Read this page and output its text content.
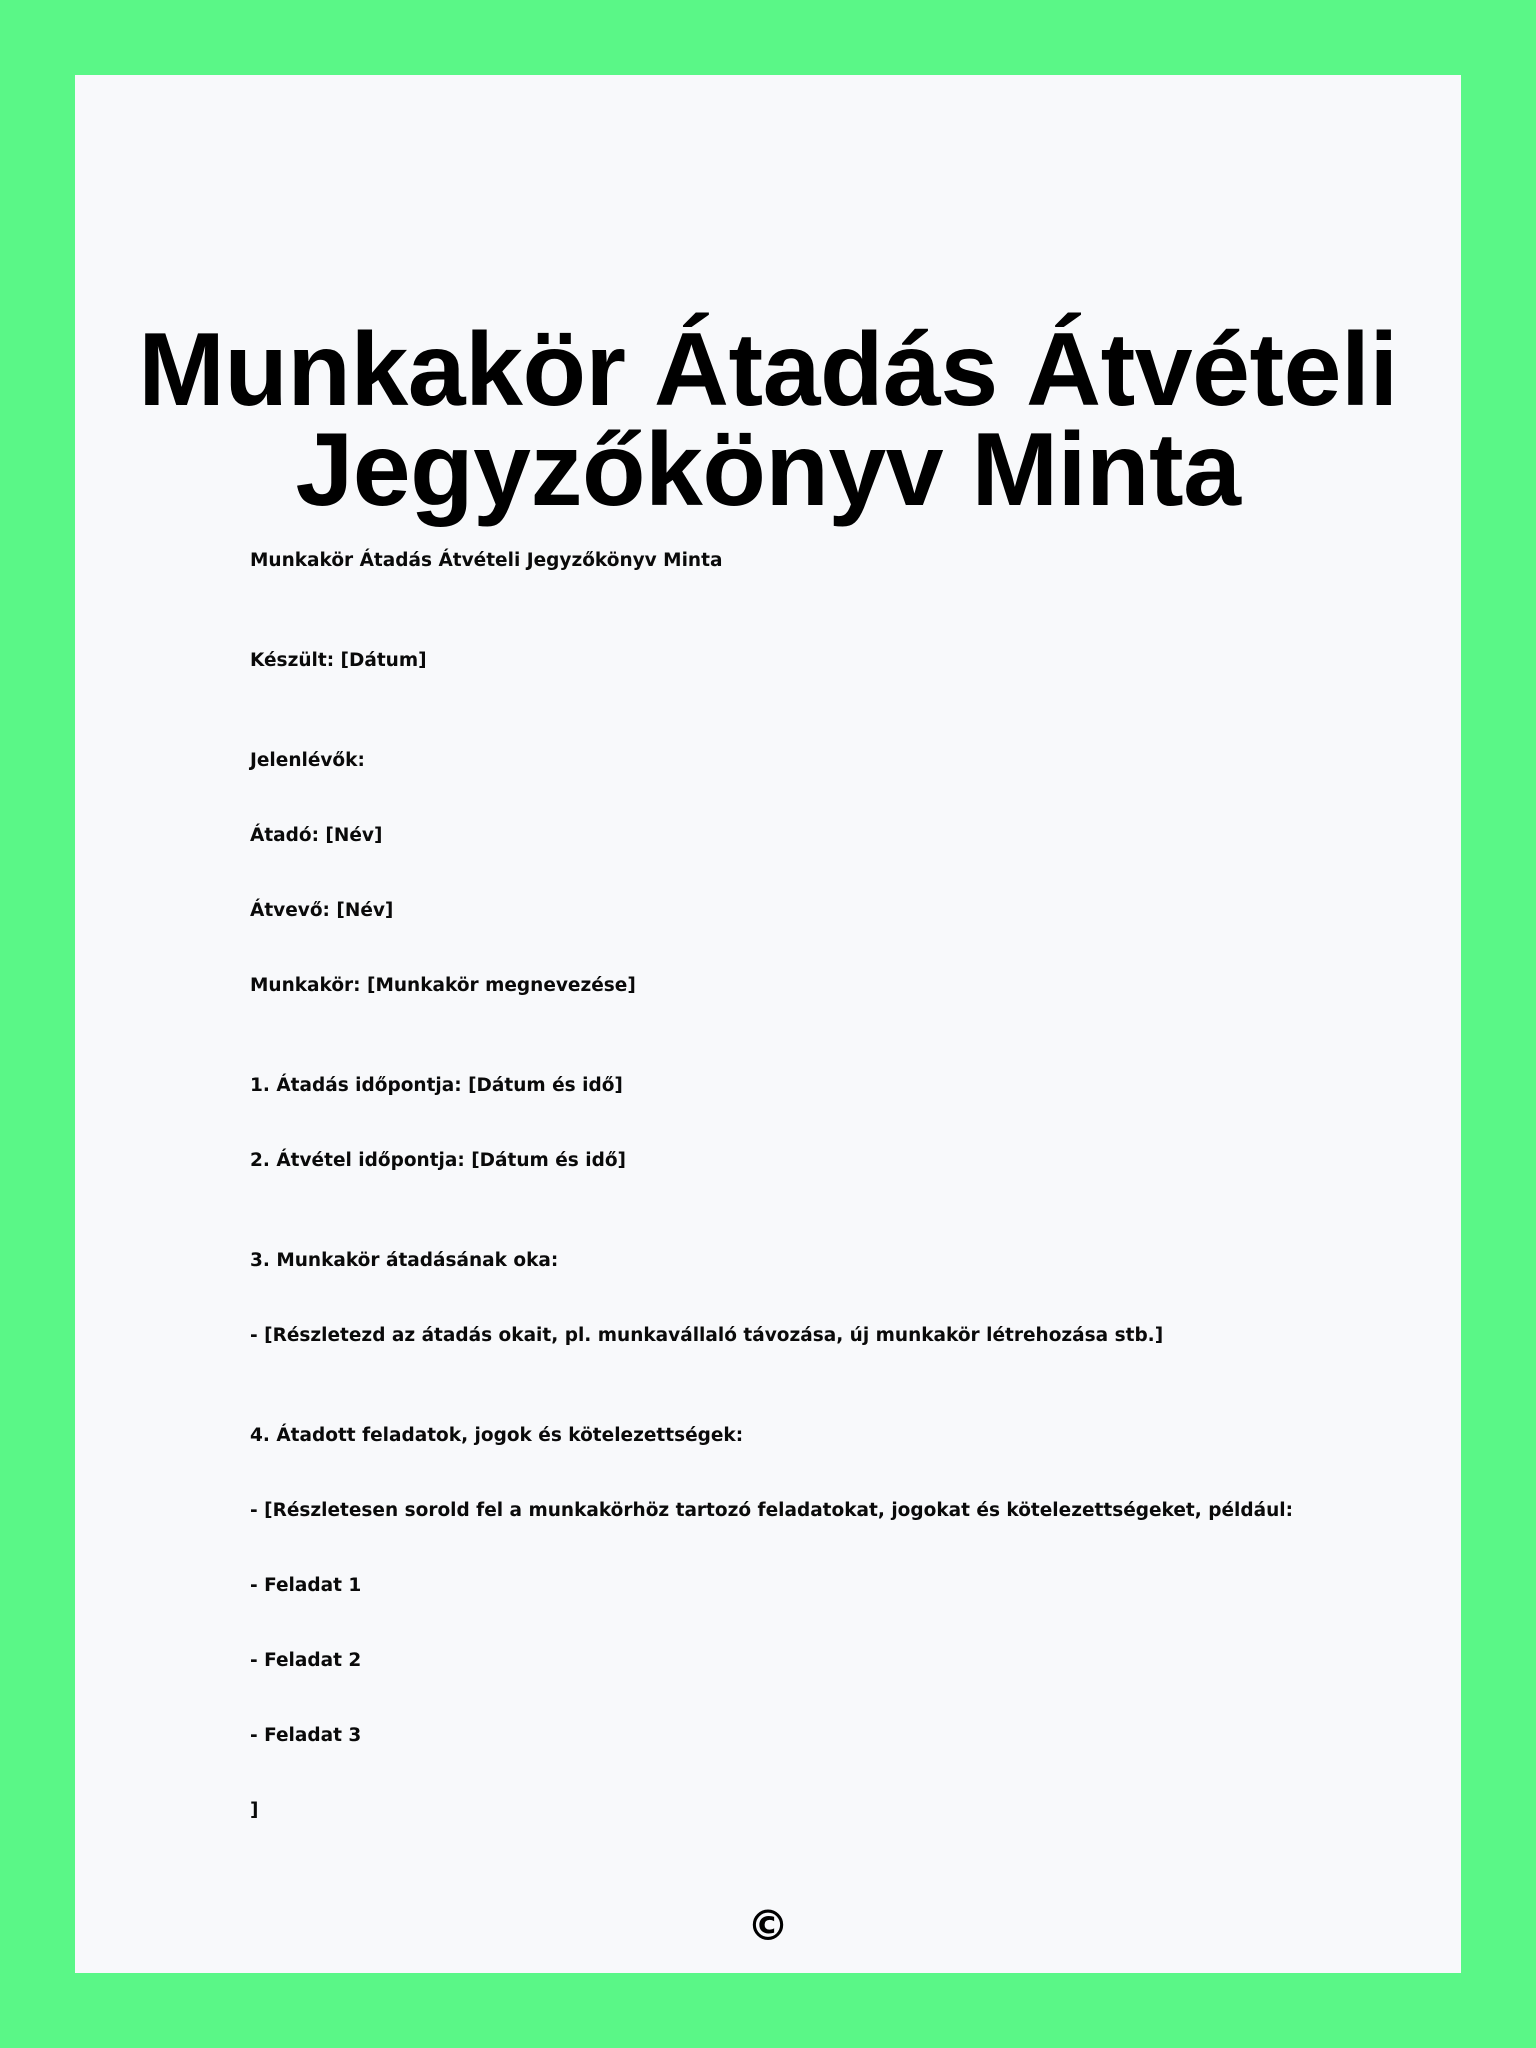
Munkakör Átadás Átvételi
Jegyzőkönyv Minta

Munkakör Átadás Átvételi Jegyzőkönyv Minta

Készült: [Dátum]

Jelenlévők:

Átadó: [Név]

Átvevő: [Név]

Munkakör: [Munkakör megnevezése]

1. Átadás időpontja: [Dátum és idő]

2. Átvétel időpontja: [Dátum és idő]

3. Munkakör átadásának oka:

- [Részletezd az átadás okait, pl. munkavállaló távozása, új munkakör létrehozása stb.]

4. Átadott feladatok, jogok és kötelezettségek:

- [Részletesen sorold fel a munkakörhöz tartozó feladatokat, jogokat és kötelezettségeket, például:

- Feladat 1

- Feladat 2

- Feladat 3

]

©
